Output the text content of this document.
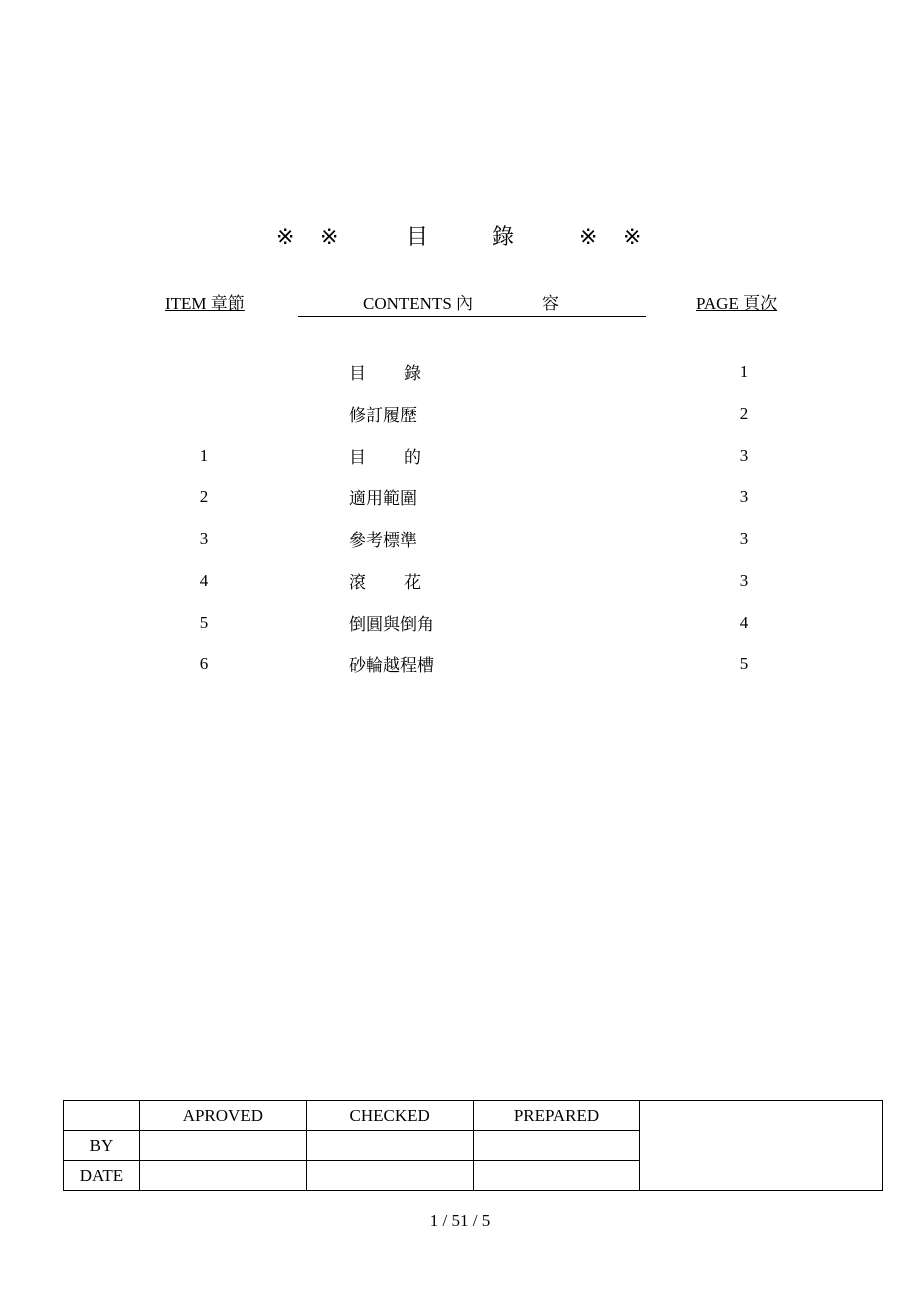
※ ※	目	錄	※ ※
ITEM 章節	CONTENTS 內	容	PAGE 頁次
目錄	1
修訂履歷	2
1	目的	3
2	適用範圍	3
3	參考標準	3
4	滾花	3
5	倒圓與倒角	4
6	砂輪越程槽	5
	APROVED	CHECKED	PREPARED	
BY				
DATE				
1 / 51 / 5
